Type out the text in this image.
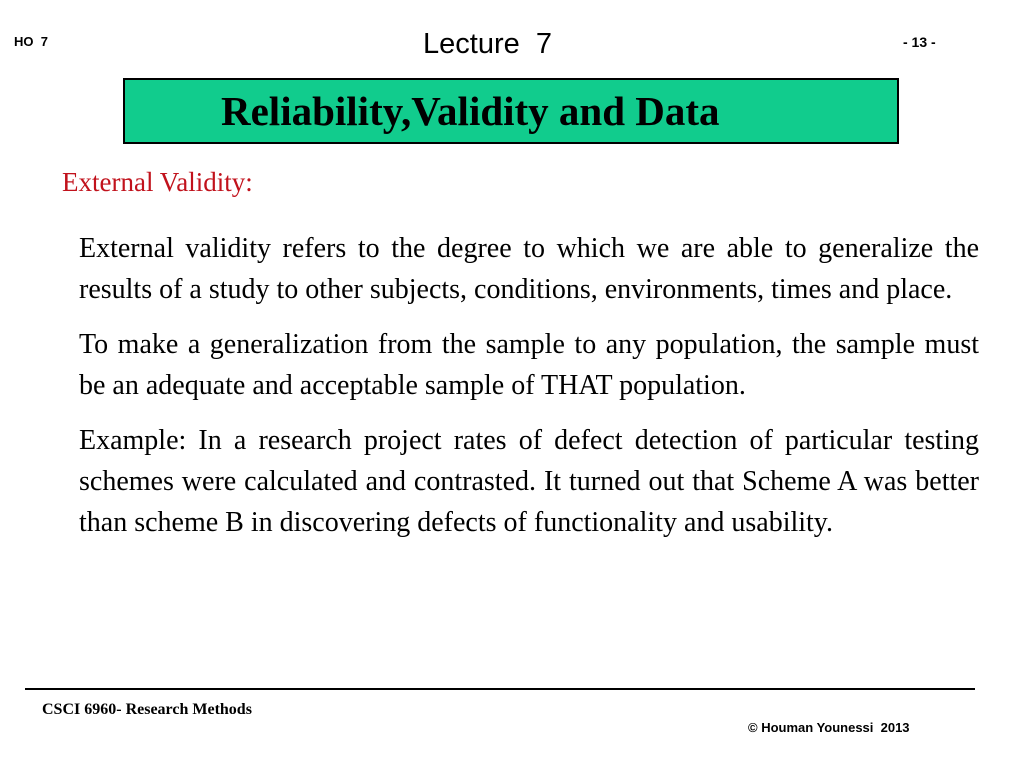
HO  7	Lecture  7	- 13 -
Reliability,Validity and Data
External Validity:

External validity refers to the degree to which we are able to generalize the results of a study to other subjects, conditions, environments, times and place.

To make a generalization from the sample to any population, the sample must be an adequate and acceptable sample of THAT population.

Example: In a research project rates of defect detection of particular testing schemes were calculated and contrasted. It turned out that Scheme A was better than scheme B in discovering defects of functionality and usability.

CSCI 6960- Research Methods
© Houman Younessi  2013
